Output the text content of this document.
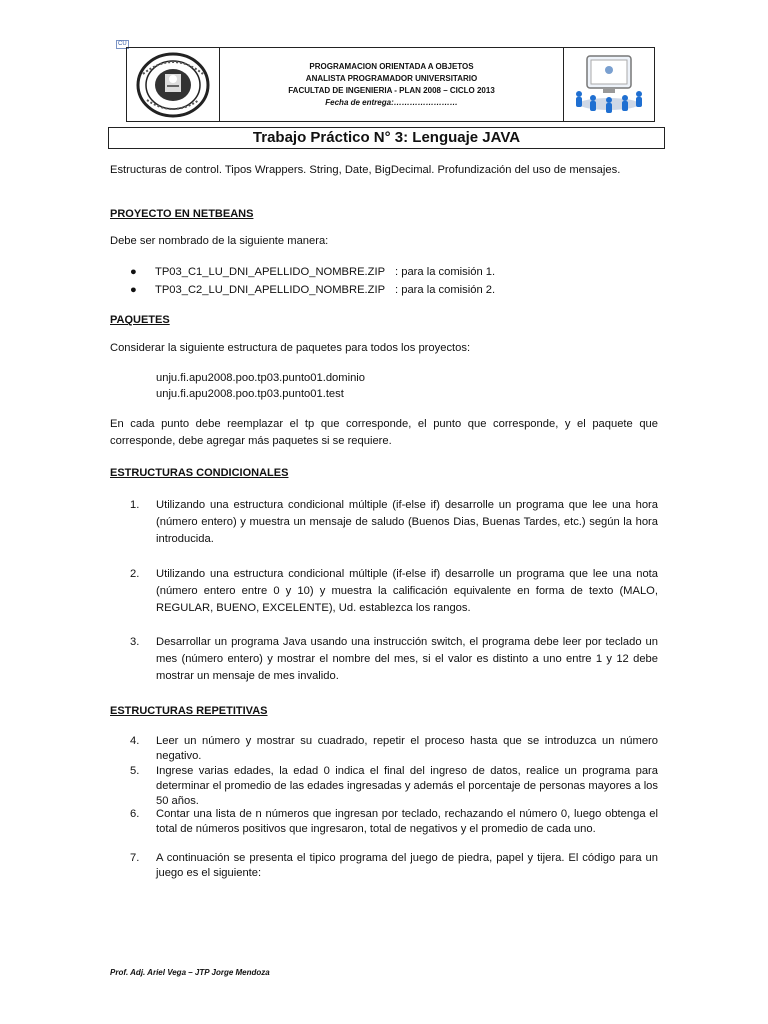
CU
PROGRAMACION ORIENTADA A OBJETOS
ANALISTA PROGRAMADOR UNIVERSITARIO
FACULTAD DE INGENIERIA - PLAN 2008 – CICLO 2013
Fecha de entrega:……………………
Trabajo Práctico N° 3: Lenguaje JAVA
Estructuras de control. Tipos Wrappers. String, Date, BigDecimal. Profundización del uso de mensajes.
PROYECTO EN NETBEANS
Debe ser nombrado de la siguiente manera:
●	TP03_C1_LU_DNI_APELLIDO_NOMBRE.ZIP : para la comisión 1.
●	TP03_C2_LU_DNI_APELLIDO_NOMBRE.ZIP : para la comisión 2.
PAQUETES
Considerar la siguiente estructura de paquetes para todos los proyectos:
unju.fi.apu2008.poo.tp03.punto01.dominio
unju.fi.apu2008.poo.tp03.punto01.test
En cada punto debe reemplazar el tp que corresponde, el punto que corresponde, y el paquete que corresponde, debe agregar más paquetes si se requiere.
ESTRUCTURAS CONDICIONALES
1.	Utilizando una estructura condicional múltiple (if-else if) desarrolle un programa que lee una hora (número entero) y muestra un mensaje de saludo (Buenos Dias, Buenas Tardes, etc.) según la hora introducida.
2.	Utilizando una estructura condicional múltiple (if-else if) desarrolle un programa que lee una nota (número entero entre 0 y 10) y muestra la calificación equivalente en forma de texto (MALO, REGULAR, BUENO, EXCELENTE), Ud. establezca los rangos.
3.	Desarrollar un programa Java usando una instrucción switch, el programa debe leer por teclado un mes (número entero) y mostrar el nombre del mes, si el valor es distinto a uno entre 1 y 12 debe mostrar un mensaje de mes invalido.
ESTRUCTURAS REPETITIVAS
4.	Leer un número y mostrar su cuadrado, repetir el proceso hasta que se introduzca un número negativo.
5.	Ingrese varias edades, la edad 0 indica el final del ingreso de datos, realice un programa para determinar el promedio de las edades ingresadas y además el porcentaje de personas mayores a los 50 años.
6.	Contar una lista de n números que ingresan por teclado, rechazando el número 0, luego obtenga el total de números positivos que ingresaron, total de negativos y el promedio de cada uno.
7.	A continuación se presenta el tipico programa del juego de piedra, papel y tijera. El código para un juego es el siguiente:
Prof. Adj. Ariel Vega – JTP Jorge Mendoza
